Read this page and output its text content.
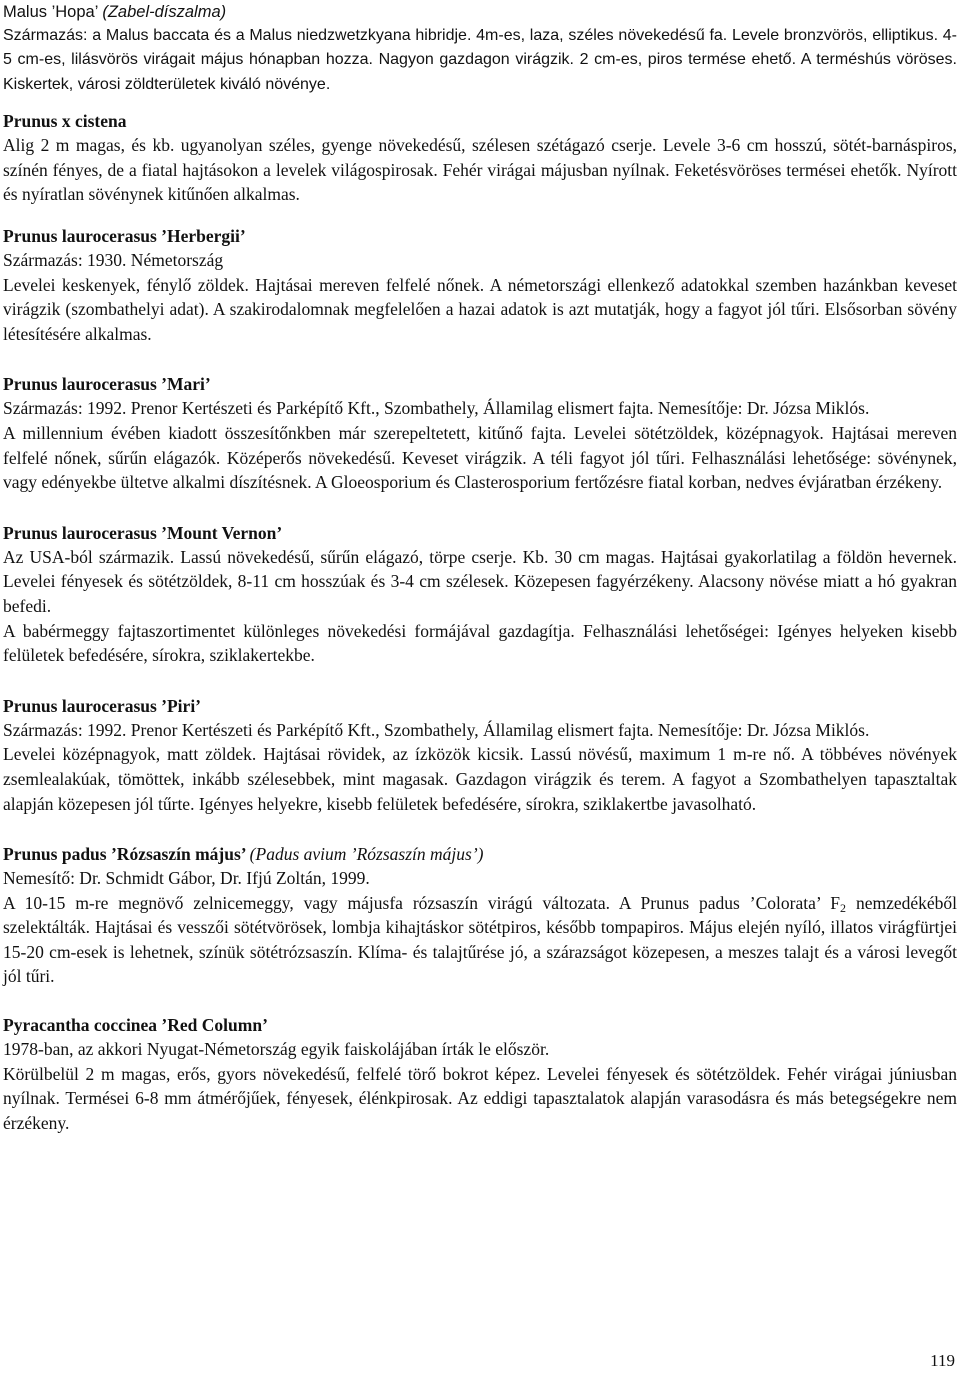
Malus ’Hopa’ (Zabel-díszalma)

Származás: a Malus baccata és a Malus niedzwetzkyana hibridje. 4m-es, laza, széles növekedésű fa. Levele bronzvörös, elliptikus. 4-5 cm-es, lilásvörös virágait május hónapban hozza. Nagyon gazdagon virágzik. 2 cm-es, piros termése ehető. A terméshús vöröses. Kiskertek, városi zöldterületek kiváló növénye.

Prunus x cistena

Alig 2 m magas, és kb. ugyanolyan széles, gyenge növekedésű, szélesen szétágazó cserje. Levele 3-6 cm hosszú, sötét-barnáspiros, színén fényes, de a fiatal hajtásokon a levelek világospirosak. Fehér virágai májusban nyílnak. Feketésvöröses termései ehetők. Nyírott és nyíratlan sövénynek kitűnően alkalmas.

Prunus laurocerasus ’Herbergii’

Származás: 1930. Németország

Levelei keskenyek, fénylő zöldek. Hajtásai mereven felfelé nőnek. A németországi ellenkező adatokkal szemben hazánkban keveset virágzik (szombathelyi adat). A szakirodalomnak megfelelően a hazai adatok is azt mutatják, hogy a fagyot jól tűri. Elsősorban sövény létesítésére alkalmas.

Prunus laurocerasus ’Mari’

Származás: 1992. Prenor Kertészeti és Parképítő Kft., Szombathely, Államilag elismert fajta. Nemesítője: Dr. Józsa Miklós.

A millennium évében kiadott összesítőnkben már szerepeltetett, kitűnő fajta. Levelei sötétzöldek, középnagyok. Hajtásai mereven felfelé nőnek, sűrűn elágazók. Középerős növekedésű. Keveset virágzik. A téli fagyot jól tűri. Felhasználási lehetősége: sövénynek, vagy edényekbe ültetve alkalmi díszítésnek. A Gloeosporium és Clasterosporium fertőzésre fiatal korban, nedves évjáratban érzékeny.

Prunus laurocerasus ’Mount Vernon’

Az USA-ból származik. Lassú növekedésű, sűrűn elágazó, törpe cserje. Kb. 30 cm magas. Hajtásai gyakorlatilag a földön hevernek. Levelei fényesek és sötétzöldek, 8-11 cm hosszúak és 3-4 cm szélesek. Közepesen fagyérzékeny. Alacsony növése miatt a hó gyakran befedi.

A babérmeggy fajtaszortimentet különleges növekedési formájával gazdagítja. Felhasználási lehetőségei: Igényes helyeken kisebb felületek befedésére, sírokra, sziklakertekbe.

Prunus laurocerasus ’Piri’

Származás: 1992. Prenor Kertészeti és Parképítő Kft., Szombathely, Államilag elismert fajta. Nemesítője: Dr. Józsa Miklós.

Levelei középnagyok, matt zöldek. Hajtásai rövidek, az ízközök kicsik. Lassú növésű, maximum 1 m-re nő. A többéves növények zsemlealakúak, tömöttek, inkább szélesebbek, mint magasak. Gazdagon virágzik és terem. A fagyot a Szombathelyen tapasztaltak alapján közepesen jól tűrte. Igényes helyekre, kisebb felületek befedésére, sírokra, sziklakertbe javasolható.

Prunus padus ’Rózsaszín május’ (Padus avium ’Rózsaszín május’)

Nemesítő: Dr. Schmidt Gábor, Dr. Ifjú Zoltán, 1999.

A 10-15 m-re megnövő zelnicemeggy, vagy májusfa rózsaszín virágú változata. A Prunus padus ’Colorata’ $F_2$ nemzedékéből szelektálták. Hajtásai és vesszői sötétvörösek, lombja kihajtáskor sötétpiros, később tompapiros. Május elején nyíló, illatos virágfürtjei 15-20 cm-esek is lehetnek, színük sötétrózsaszín. Klíma- és talajtűrése jó, a szárazságot közepesen, a meszes talajt és a városi levegőt jól tűri.

Pyracantha coccinea ’Red Column’

1978-ban, az akkori Nyugat-Németország egyik faiskolájában írták le először.

Körülbelül 2 m magas, erős, gyors növekedésű, felfelé törő bokrot képez. Levelei fényesek és sötétzöldek. Fehér virágai júniusban nyílnak. Termései 6-8 mm átmérőjűek, fényesek, élénkpirosak. Az eddigi tapasztalatok alapján varasodásra és más betegségekre nem érzékeny.

119
